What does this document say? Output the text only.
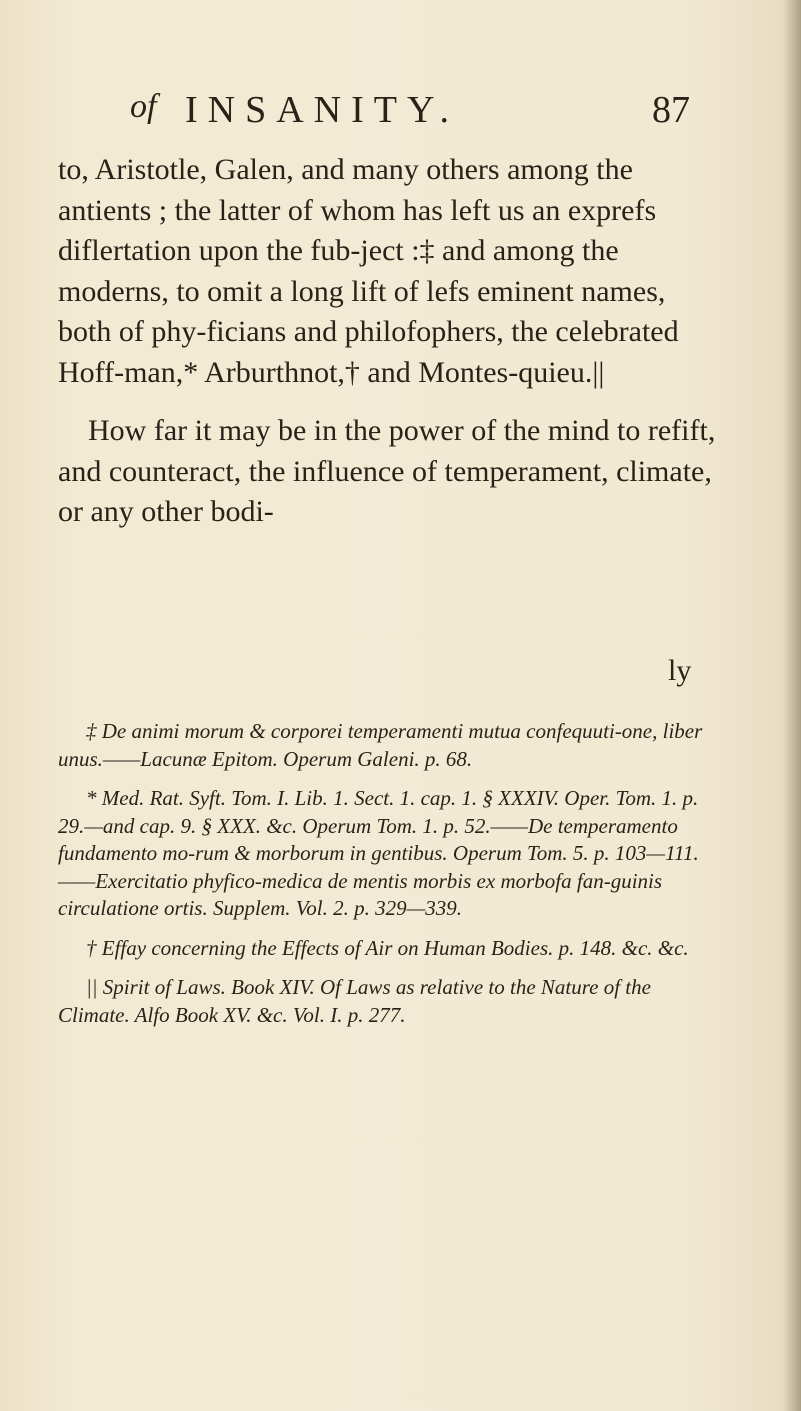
of INSANITY.	87

to, Aristotle, Galen, and many others among the antients ; the latter of whom has left us an exprefs diflertation upon the fub-ject :‡ and among the moderns, to omit a long lift of lefs eminent names, both of phy-ficians and philofophers, the celebrated Hoff-man,* Arburthnot,† and Montes-quieu.||

How far it may be in the power of the mind to refift, and counteract, the influence of temperament, climate, or any other bodi-

ly

‡ De animi morum & corporei temperamenti mutua confequuti-one, liber unus.——Lacunæ Epitom. Operum Galeni. p. 68.

* Med. Rat. Syft. Tom. I. Lib. 1. Sect. 1. cap. 1. § XXXIV. Oper. Tom. 1. p. 29.—and cap. 9. § XXX. &c. Operum Tom. 1. p. 52.——De temperamento fundamento mo-rum & morborum in gentibus. Operum Tom. 5. p. 103—111. ——Exercitatio phyfico-medica de mentis morbis ex morbofa fan-guinis circulatione ortis. Supplem. Vol. 2. p. 329—339.

† Effay concerning the Effects of Air on Human Bodies. p. 148. &c. &c.

|| Spirit of Laws. Book XIV. Of Laws as relative to the Nature of the Climate. Alfo Book XV. &c. Vol. I. p. 277.
